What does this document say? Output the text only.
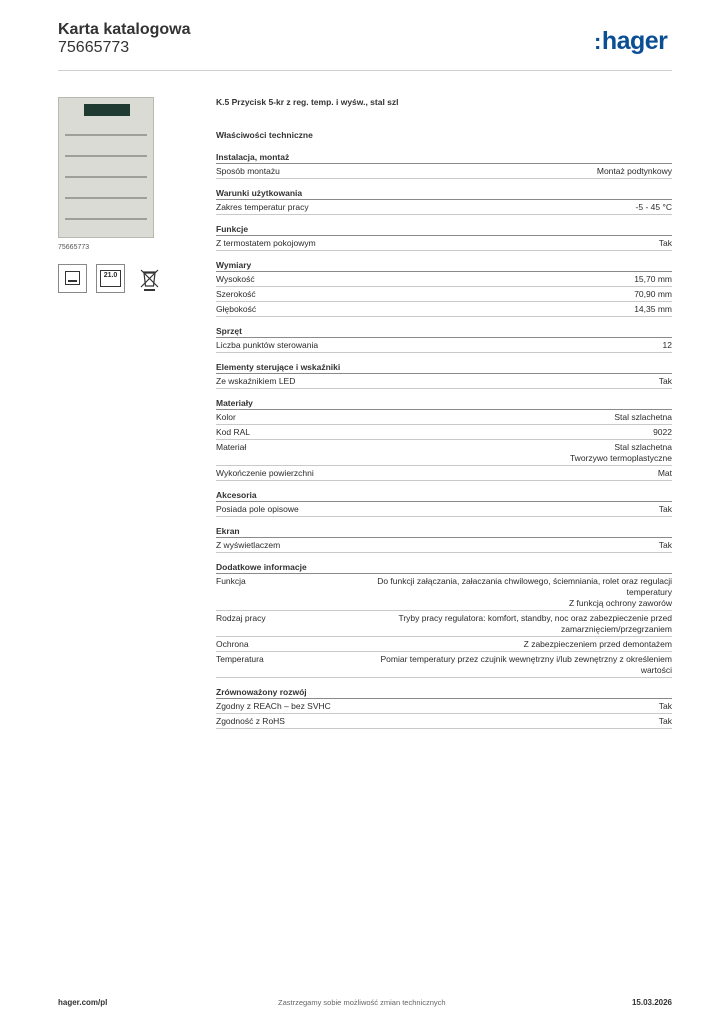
Karta katalogowa
75665773	:hager
75665773
21.0
K.5 Przycisk 5-kr z reg. temp. i wyśw., stal szl
Właściwości techniczne
Instalacja, montaż
Sposób montażu	Montaż podtynkowy
Warunki użytkowania
Zakres temperatur pracy	-5 - 45 °C
Funkcje
Z termostatem pokojowym	Tak
Wymiary
Wysokość	15,70 mm
Szerokość	70,90 mm
Głębokość	14,35 mm
Sprzęt
Liczba punktów sterowania	12
Elementy sterujące i wskaźniki
Ze wskaźnikiem LED	Tak
Materiały
Kolor	Stal szlachetna
Kod RAL	9022
Materiał	Stal szlachetna
Tworzywo termoplastyczne
Wykończenie powierzchni	Mat
Akcesoria
Posiada pole opisowe	Tak
Ekran
Z wyświetlaczem	Tak
Dodatkowe informacje
Funkcja	Do funkcji załączania, załaczania chwilowego, ściemniania, rolet oraz regulacji
temperatury
Z funkcją ochrony zaworów
Rodzaj pracy	Tryby pracy regulatora: komfort, standby, noc oraz zabezpieczenie przed
zamarznięciem/przegrzaniem
Ochrona	Z zabezpieczeniem przed demontażem
Temperatura	Pomiar temperatury przez czujnik wewnętrzny i/lub zewnętrzny z określeniem
wartości
Zrównoważony rozwój
Zgodny z REACh – bez SVHC	Tak
Zgodność z RoHS	Tak
hager.com/pl	Zastrzegamy sobie możliwość zmian technicznych	15.03.2026
